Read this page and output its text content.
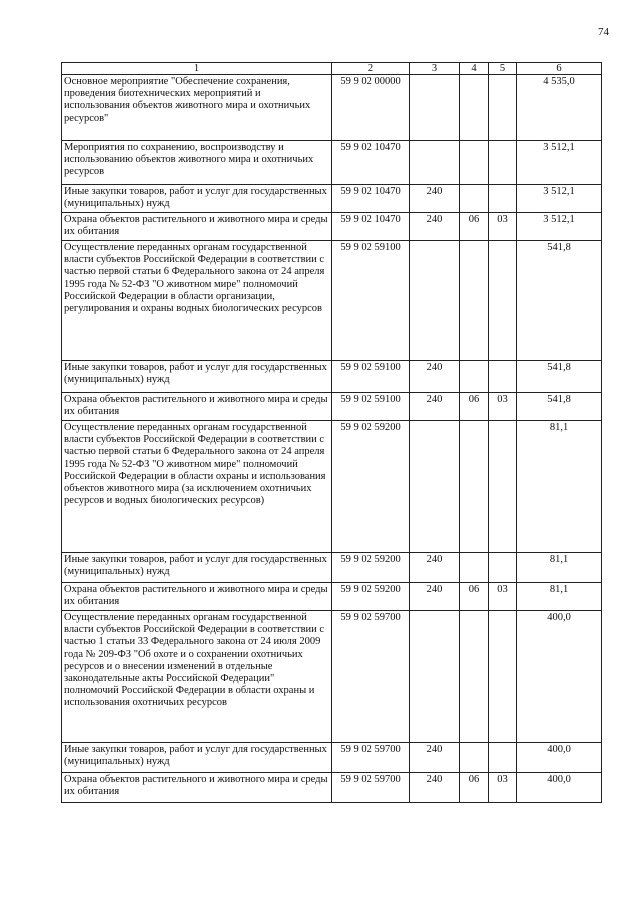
74
1	2	3	4	5	6
Основное мероприятие "Обеспечение сохранения, проведения биотехнических мероприятий и использования объектов животного мира и охотничьих ресурсов"	59 9 02 00000				4 535,0
Мероприятия по сохранению, воспроизводству и использованию объектов животного мира и охотничьих ресурсов	59 9 02 10470				3 512,1
Иные закупки товаров, работ и услуг для государственных (муниципальных) нужд	59 9 02 10470	240			3 512,1
Охрана объектов растительного и животного мира и среды их обитания	59 9 02 10470	240	06	03	3 512,1
Осуществление переданных органам государственной власти субъектов Российской Федерации в соответствии с частью первой статьи 6 Федерального закона от 24 апреля 1995 года № 52-ФЗ "О животном мире" полномочий Российской Федерации в области организации, регулирования и охраны водных биологических ресурсов	59 9 02 59100				541,8
Иные закупки товаров, работ и услуг для государственных (муниципальных) нужд	59 9 02 59100	240			541,8
Охрана объектов растительного и животного мира и среды их обитания	59 9 02 59100	240	06	03	541,8
Осуществление переданных органам государственной власти субъектов Российской Федерации в соответствии с частью первой статьи 6 Федерального закона от 24 апреля 1995 года № 52-ФЗ "О животном мире" полномочий Российской Федерации в области охраны и использования объектов животного мира (за исключением охотничьих ресурсов и водных биологических ресурсов)	59 9 02 59200				81,1
Иные закупки товаров, работ и услуг для государственных (муниципальных) нужд	59 9 02 59200	240			81,1
Охрана объектов растительного и животного мира и среды их обитания	59 9 02 59200	240	06	03	81,1
Осуществление переданных органам государственной власти субъектов Российской Федерации в соответствии с частью 1 статьи 33 Федерального закона от 24 июля 2009 года № 209-ФЗ "Об охоте и о сохранении охотничьих ресурсов и о внесении изменений в отдельные законодательные акты Российской Федерации" полномочий Российской Федерации в области охраны и использования охотничьих ресурсов	59 9 02 59700				400,0
Иные закупки товаров, работ и услуг для государственных (муниципальных) нужд	59 9 02 59700	240			400,0
Охрана объектов растительного и животного мира и среды их обитания	59 9 02 59700	240	06	03	400,0
